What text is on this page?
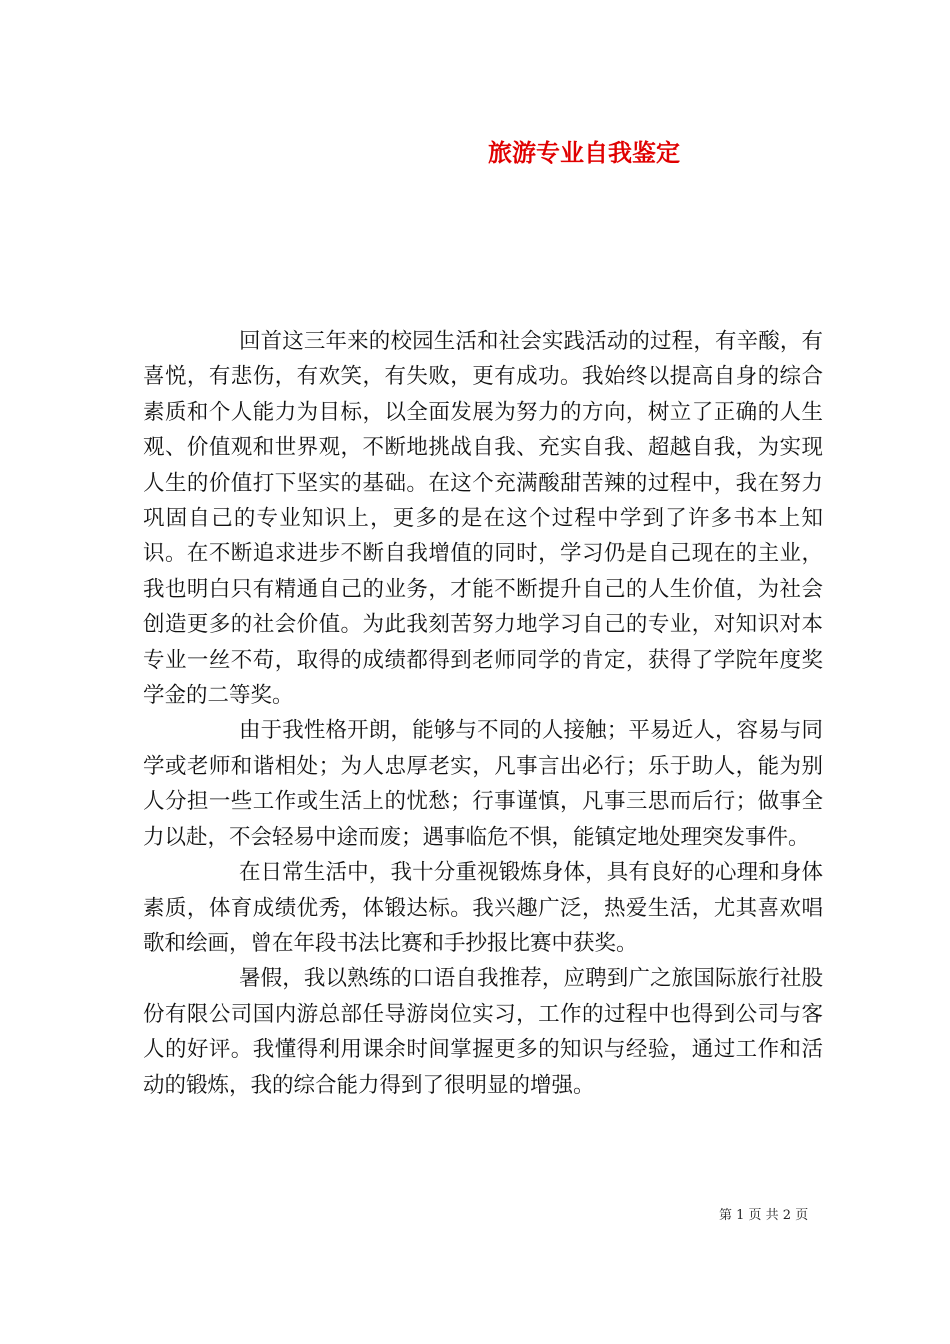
旅游专业自我鉴定

回首这三年来的校园生活和社会实践活动的过程，有辛酸，有喜悦，有悲伤，有欢笑，有失败，更有成功。我始终以提高自身的综合素质和个人能力为目标，以全面发展为努力的方向，树立了正确的人生观、价值观和世界观，不断地挑战自我、充实自我、超越自我，为实现人生的价值打下坚实的基础。在这个充满酸甜苦辣的过程中，我在努力巩固自己的专业知识上，更多的是在这个过程中学到了许多书本上知识。在不断追求进步不断自我增值的同时，学习仍是自己现在的主业，我也明白只有精通自己的业务，才能不断提升自己的人生价值，为社会创造更多的社会价值。为此我刻苦努力地学习自己的专业，对知识对本专业一丝不苟，取得的成绩都得到老师同学的肯定，获得了学院年度奖学金的二等奖。

由于我性格开朗，能够与不同的人接触；平易近人，容易与同学或老师和谐相处；为人忠厚老实，凡事言出必行；乐于助人，能为别人分担一些工作或生活上的忧愁；行事谨慎，凡事三思而后行；做事全力以赴，不会轻易中途而废；遇事临危不惧，能镇定地处理突发事件。

在日常生活中，我十分重视锻炼身体，具有良好的心理和身体素质，体育成绩优秀，体锻达标。我兴趣广泛，热爱生活，尤其喜欢唱歌和绘画，曾在年段书法比赛和手抄报比赛中获奖。

暑假，我以熟练的口语自我推荐，应聘到广之旅国际旅行社股份有限公司国内游总部任导游岗位实习，工作的过程中也得到公司与客人的好评。我懂得利用课余时间掌握更多的知识与经验，通过工作和活动的锻炼，我的综合能力得到了很明显的增强。

第 1 页 共 2 页
